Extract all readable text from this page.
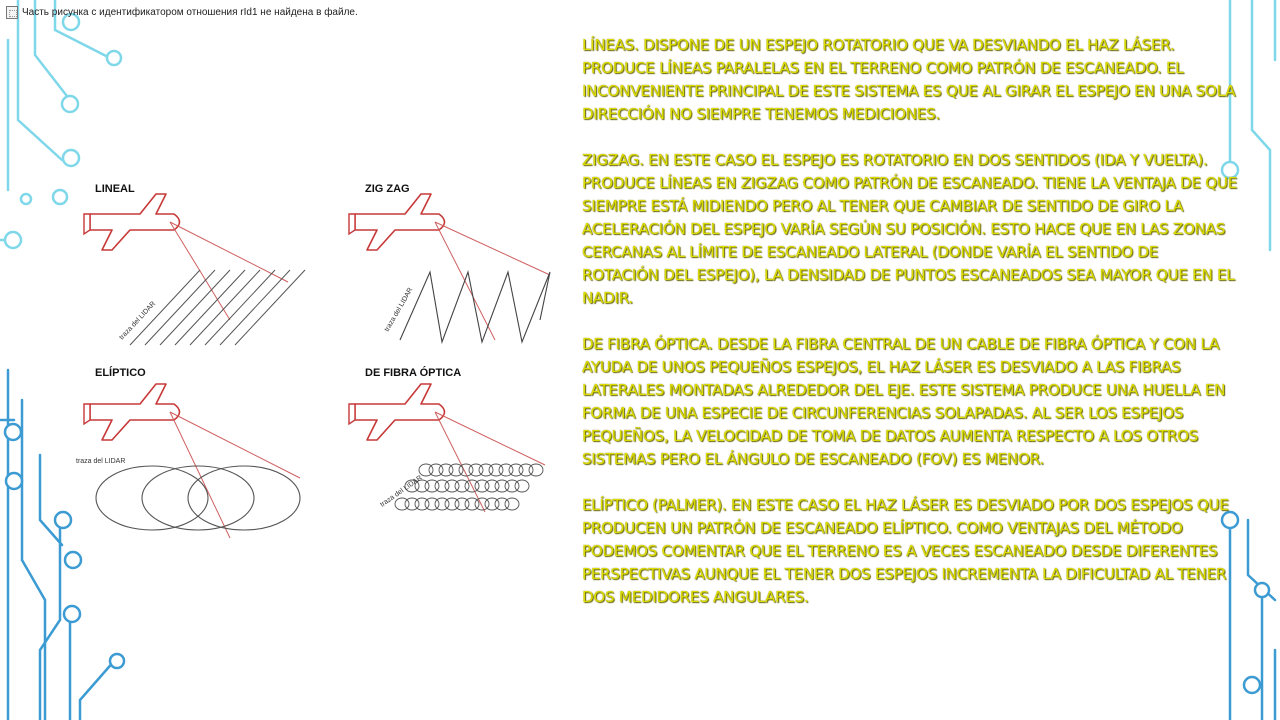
Часть рисунка с идентификатором отношения rId1 не найдена в файле.
LINEAL
traza del LIDAR
ZIG ZAG
traza del LIDAR
ELÍPTICO
traza del LIDAR
DE FIBRA ÓPTICA
traza del LIDAR

LÍNEAS. DISPONE DE UN ESPEJO ROTATORIO QUE VA DESVIANDO EL HAZ LÁSER. PRODUCE LÍNEAS PARALELAS EN EL TERRENO COMO PATRÓN DE ESCANEADO. EL INCONVENIENTE PRINCIPAL DE ESTE SISTEMA ES QUE AL GIRAR EL ESPEJO EN UNA SOLA DIRECCIÓN NO SIEMPRE TENEMOS MEDICIONES.

ZIGZAG. EN ESTE CASO EL ESPEJO ES ROTATORIO EN DOS SENTIDOS (IDA Y VUELTA). PRODUCE LÍNEAS EN ZIGZAG COMO PATRÓN DE ESCANEADO. TIENE LA VENTAJA DE QUE SIEMPRE ESTÁ MIDIENDO PERO AL TENER QUE CAMBIAR DE SENTIDO DE GIRO LA ACELERACIÓN DEL ESPEJO VARÍA SEGÚN SU POSICIÓN. ESTO HACE QUE EN LAS ZONAS CERCANAS AL LÍMITE DE ESCANEADO LATERAL (DONDE VARÍA EL SENTIDO DE ROTACIÓN DEL ESPEJO), LA DENSIDAD DE PUNTOS ESCANEADOS SEA MAYOR QUE EN EL NADIR.

DE FIBRA ÓPTICA. DESDE LA FIBRA CENTRAL DE UN CABLE DE FIBRA ÓPTICA Y CON LA AYUDA DE UNOS PEQUEÑOS ESPEJOS, EL HAZ LÁSER ES DESVIADO A LAS FIBRAS LATERALES MONTADAS ALREDEDOR DEL EJE. ESTE SISTEMA PRODUCE UNA HUELLA EN FORMA DE UNA ESPECIE DE CIRCUNFERENCIAS SOLAPADAS. AL SER LOS ESPEJOS PEQUEÑOS, LA VELOCIDAD DE TOMA DE DATOS AUMENTA RESPECTO A LOS OTROS SISTEMAS PERO EL ÁNGULO DE ESCANEADO (FOV) ES MENOR.

ELÍPTICO (PALMER). EN ESTE CASO EL HAZ LÁSER ES DESVIADO POR DOS ESPEJOS QUE PRODUCEN UN PATRÓN DE ESCANEADO ELÍPTICO. COMO VENTAJAS DEL MÉTODO PODEMOS COMENTAR QUE EL TERRENO ES A VECES ESCANEADO DESDE DIFERENTES PERSPECTIVAS AUNQUE EL TENER DOS ESPEJOS INCREMENTA LA DIFICULTAD AL TENER DOS MEDIDORES ANGULARES.
